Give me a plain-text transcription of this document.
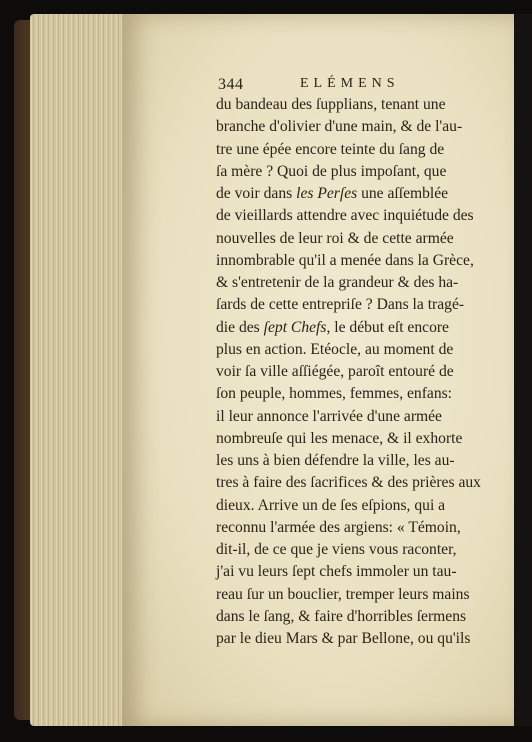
344	ELÉMENS
du bandeau des ſupplians, tenant une
branche d'olivier d'une main, & de l'au-
tre une épée encore teinte du ſang de
ſa mère ? Quoi de plus impoſant, que
de voir dans les Perſes une aſſemblée
de vieillards attendre avec inquiétude des
nouvelles de leur roi & de cette armée
innombrable qu'il a menée dans la Grèce,
& s'entretenir de la grandeur & des ha-
ſards de cette entrepriſe ? Dans la tragé-
die des ſept Chefs, le début eſt encore
plus en action. Etéocle, au moment de
voir ſa ville aſſiégée, paroît entouré de
ſon peuple, hommes, femmes, enfans:
il leur annonce l'arrivée d'une armée
nombreuſe qui les menace, & il exhorte
les uns à bien défendre la ville, les au-
tres à faire des ſacrifices & des prières aux
dieux. Arrive un de ſes eſpions, qui a
reconnu l'armée des argiens: « Témoin,
dit-il, de ce que je viens vous raconter,
j'ai vu leurs ſept chefs immoler un tau-
reau ſur un bouclier, tremper leurs mains
dans le ſang, & faire d'horribles ſermens
par le dieu Mars & par Bellone, ou qu'ils
